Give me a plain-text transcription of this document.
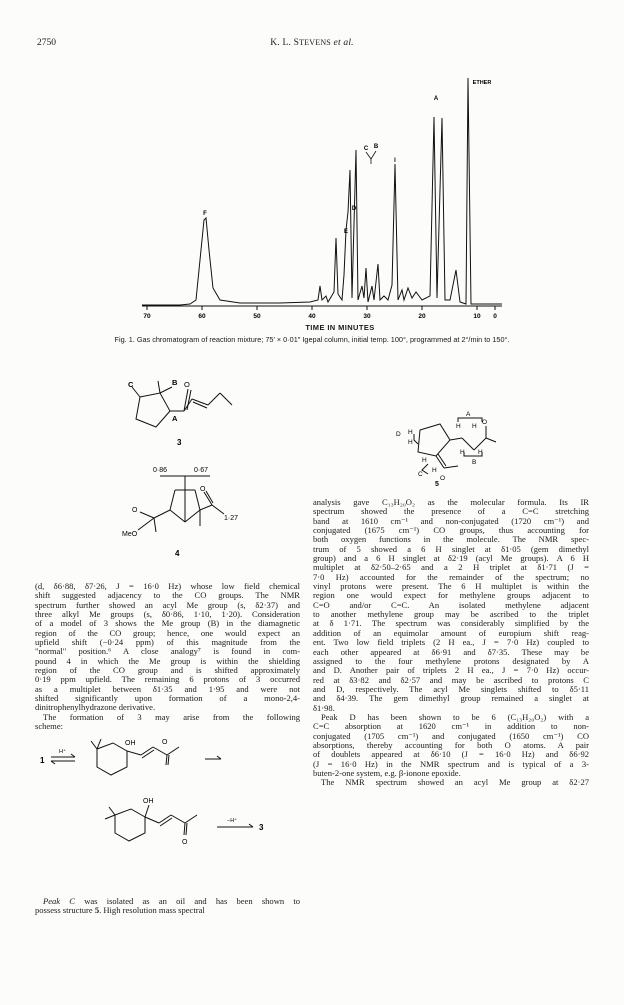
2750	K. L. STEVENS et al.
70	60	50	40	30	20	10 0
F
E
D
C B
I
A
ETHER
TIME IN MINUTES
Fig. 1. Gas chromatogram of reaction mixture; 75′ × 0·01″ Igepal column, initial temp. 100°, programmed at 2°/min to 150°.
C	B
A
O
3
0·86	0·67
1·27
O
O
MeO
4
A
H H
D H
H
H H
B
H
C
H
O
O
5
(d, δ6·88, δ7·26, J = 16·0 Hz) whose low field chemical
shift suggested adjacency to the CO groups. The NMR
spectrum further showed an acyl Me group (s, δ2·37) and
three alkyl Me groups (s, δ0·86, 1·10, 1·20). Consideration
of a model of 3 shows the Me group (B) in the diamagnetic
region of the CO group; hence, one would expect an
upfield shift (−0·24 ppm) of this magnitude from the
"normal" position.⁶ A close analogy⁷ is found in com-
pound 4 in which the Me group is within the shielding
region of the CO group and is shifted approximately
0·19 ppm upfield. The remaining 6 protons of 3 occurred
as a multiplet between δ1·35 and 1·95 and were not
shifted significantly upon formation of a mono-2,4-
dinitrophenylhydrazone derivative.
The formation of 3 may arise from the following
scheme:
1
H⁺
OH	O
OH
O
−H⁺
3
Peak C was isolated as an oil and has been shown to
possess structure 5. High resolution mass spectral
analysis gave C₁₃H₂₀O₂ as the molecular formula. Its IR
spectrum showed the presence of a C=C stretching
band at 1610 cm⁻¹ and non-conjugated (1720 cm⁻¹) and
conjugated (1675 cm⁻¹) CO groups, thus accounting for
both oxygen functions in the molecule. The NMR spec-
trum of 5 showed a 6 H singlet at δ1·05 (gem dimethyl
group) and a 6 H singlet at δ2·19 (acyl Me groups). A 6 H
multiplet at δ2·50–2·65 and a 2 H triplet at δ1·71 (J =
7·0 Hz) accounted for the remainder of the spectrum; no
vinyl protons were present. The 6 H multiplet is within the
region one would expect for methylene groups adjacent to
C=O and/or C=C. An isolated methylene adjacent
to another methylene group may be ascribed to the triplet
at δ 1·71. The spectrum was considerably simplified by the
addition of an equimolar amount of europium shift reag-
ent. Two low field triplets (2 H ea., J = 7·0 Hz) coupled to
each other appeared at δ6·91 and δ7·35. These may be
assigned to the four methylene protons designated by A
and D. Another pair of triplets 2 H ea., J = 7·0 Hz) occur-
red at δ3·82 and δ2·57 and may be ascribed to protons C
and D, respectively. The acyl Me singlets shifted to δ5·11
and δ4·39. The gem dimethyl group remained a singlet at
δ1·98.
Peak D has been shown to be 6 (C₁₃H₂₀O₂) with a
C=C absorption at 1620 cm⁻¹ in addition to non-
conjugated (1705 cm⁻¹) and conjugated (1650 cm⁻¹) CO
absorptions, thereby accounting for both O atoms. A pair
of doublets appeared at δ6·10 (J = 16·0 Hz) and δ6·92
(J = 16·0 Hz) in the NMR spectrum and is typical of a 3-
buten-2-one system, e.g. β-ionone epoxide.
The NMR spectrum showed an acyl Me group at δ2·27
